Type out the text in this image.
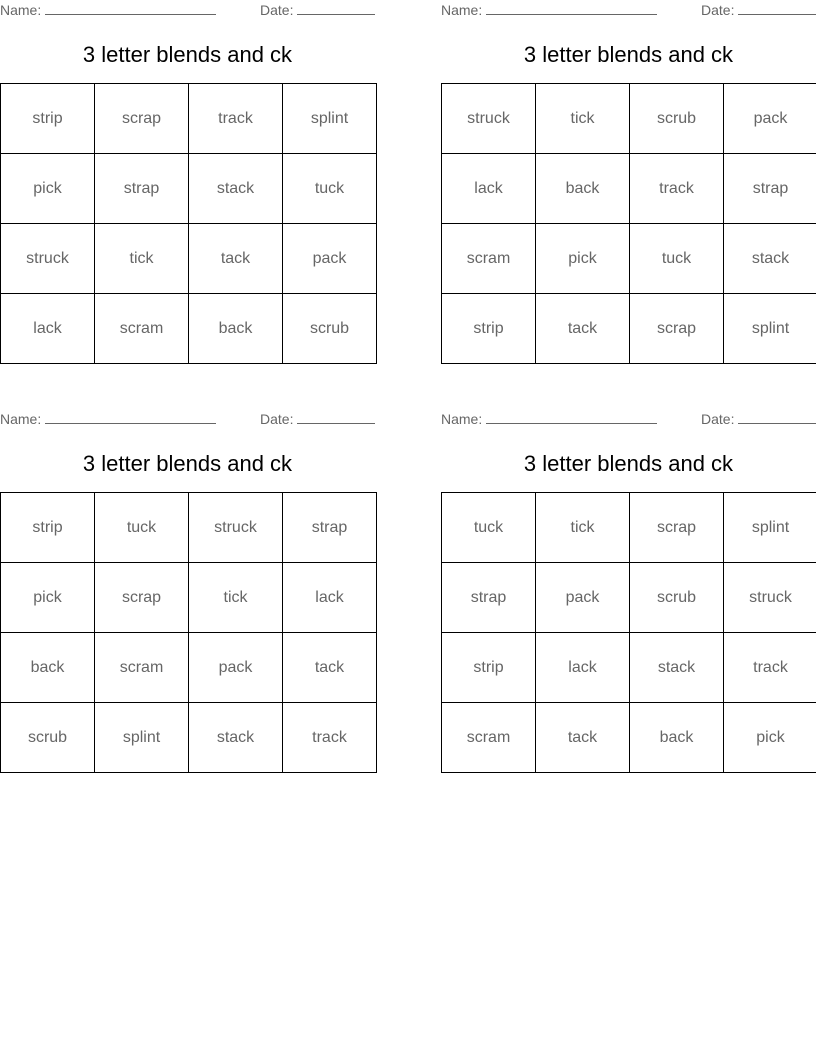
Name:	Date:
3 letter blends and ck
strip	scrap	track	splint
pick	strap	stack	tuck
struck	tick	tack	pack
lack	scram	back	scrub
Name:	Date:
3 letter blends and ck
struck	tick	scrub	pack
lack	back	track	strap
scram	pick	tuck	stack
strip	tack	scrap	splint
Name:	Date:
3 letter blends and ck
strip	tuck	struck	strap
pick	scrap	tick	lack
back	scram	pack	tack
scrub	splint	stack	track
Name:	Date:
3 letter blends and ck
tuck	tick	scrap	splint
strap	pack	scrub	struck
strip	lack	stack	track
scram	tack	back	pick
